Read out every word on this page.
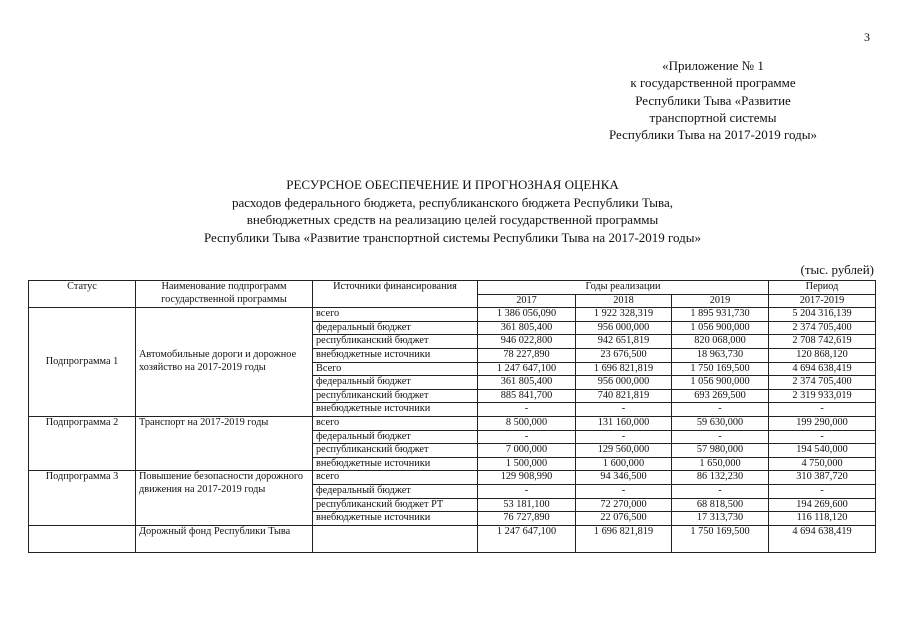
3
«Приложение № 1
к государственной программе
Республики Тыва «Развитие
транспортной системы
Республики Тыва на 2017-2019 годы»
РЕСУРСНОЕ ОБЕСПЕЧЕНИЕ И ПРОГНОЗНАЯ ОЦЕНКА
расходов федерального бюджета, республиканского бюджета Республики Тыва,
внебюджетных средств на реализацию целей государственной программы
Республики Тыва «Развитие транспортной системы Республики Тыва на 2017-2019 годы»
(тыс. рублей)
Статус	Наименование подпрограмм государственной программы	Источники финансирования	Годы реализации			Период
			2017	2018	2019	2017-2019
Подпрограмма 1	Автомобильные дороги и дорожное хозяйство на 2017-2019 годы	всего	1 386 056,090	1 922 328,319	1 895 931,730	5 204 316,139
		федеральный бюджет	361 805,400	956 000,000	1 056 900,000	2 374 705,400
		республиканский бюджет	946 022,800	942 651,819	820 068,000	2 708 742,619
		внебюджетные источники	78 227,890	23 676,500	18 963,730	120 868,120
		Всего	1 247 647,100	1 696 821,819	1 750 169,500	4 694 638,419
		федеральный бюджет	361 805,400	956 000,000	1 056 900,000	2 374 705,400
		республиканский бюджет	885 841,700	740 821,819	693 269,500	2 319 933,019
		внебюджетные источники	-	-	-	-
Подпрограмма 2	Транспорт на 2017-2019 годы	всего	8 500,000	131 160,000	59 630,000	199 290,000
		федеральный бюджет	-	-	-	-
		республиканский бюджет	7 000,000	129 560,000	57 980,000	194 540,000
		внебюджетные источники	1 500,000	1 600,000	1 650,000	4 750,000
Подпрограмма 3	Повышение безопасности дорожного движения на 2017-2019 годы	всего	129 908,990	94 346,500	86 132,230	310 387,720
		федеральный бюджет	-	-	-	-
		республиканский бюджет РТ	53 181,100	72 270,000	68 818,500	194 269,600
		внебюджетные источники	76 727,890	22 076,500	17 313,730	116 118,120
	Дорожный фонд Республики Тыва		1 247 647,100	1 696 821,819	1 750 169,500	4 694 638,419
